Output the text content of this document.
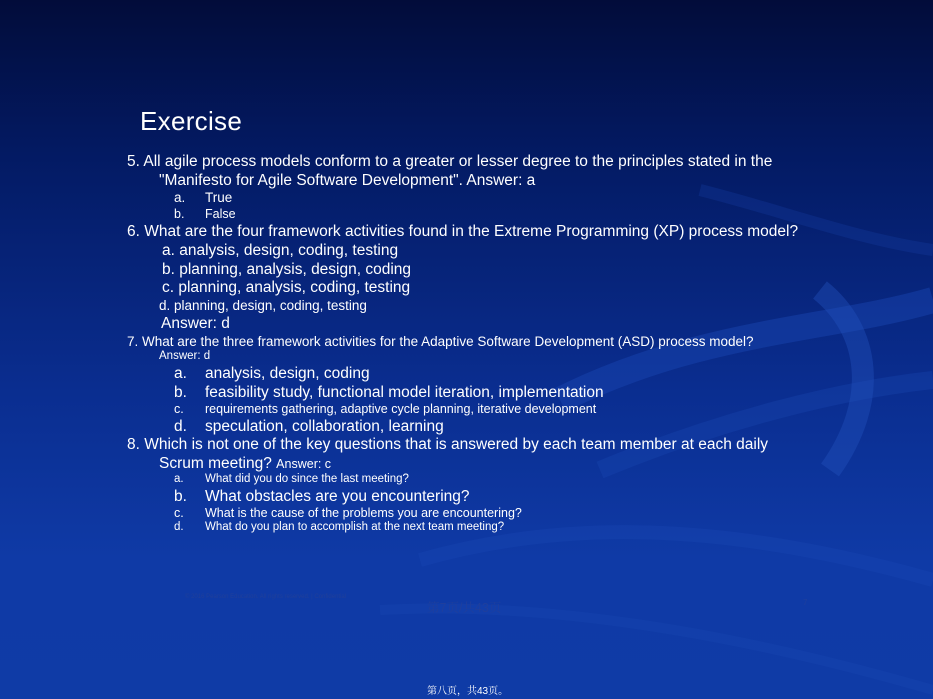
Exercise
5. All agile process models conform to a greater or lesser degree to the principles stated in the
"Manifesto for Agile Software Development". Answer: a
a. True
b. False
6. What are the four framework activities found in the Extreme Programming (XP) process model?
a. analysis, design, coding, testing
b. planning, analysis, design, coding
c. planning, analysis, coding, testing
d. planning, design, coding, testing
Answer: d
7. What are the three framework activities for the Adaptive Software Development (ASD) process model?
Answer: d
a. analysis, design, coding
b. feasibility study, functional model iteration, implementation
c. requirements gathering, adaptive cycle planning, iterative development
d. speculation, collaboration, learning
8. Which is not one of the key questions that is answered by each team member at each daily
Scrum meeting? Answer: c
a. What did you do since the last meeting?
b. What obstacles are you encountering?
c. What is the cause of the problems you are encountering?
d. What do you plan to accomplish at the next team meeting?
© 2016 Pearson Education. All rights reserved. | Confidential
第7页/共43页	7
第八页，共43页。
